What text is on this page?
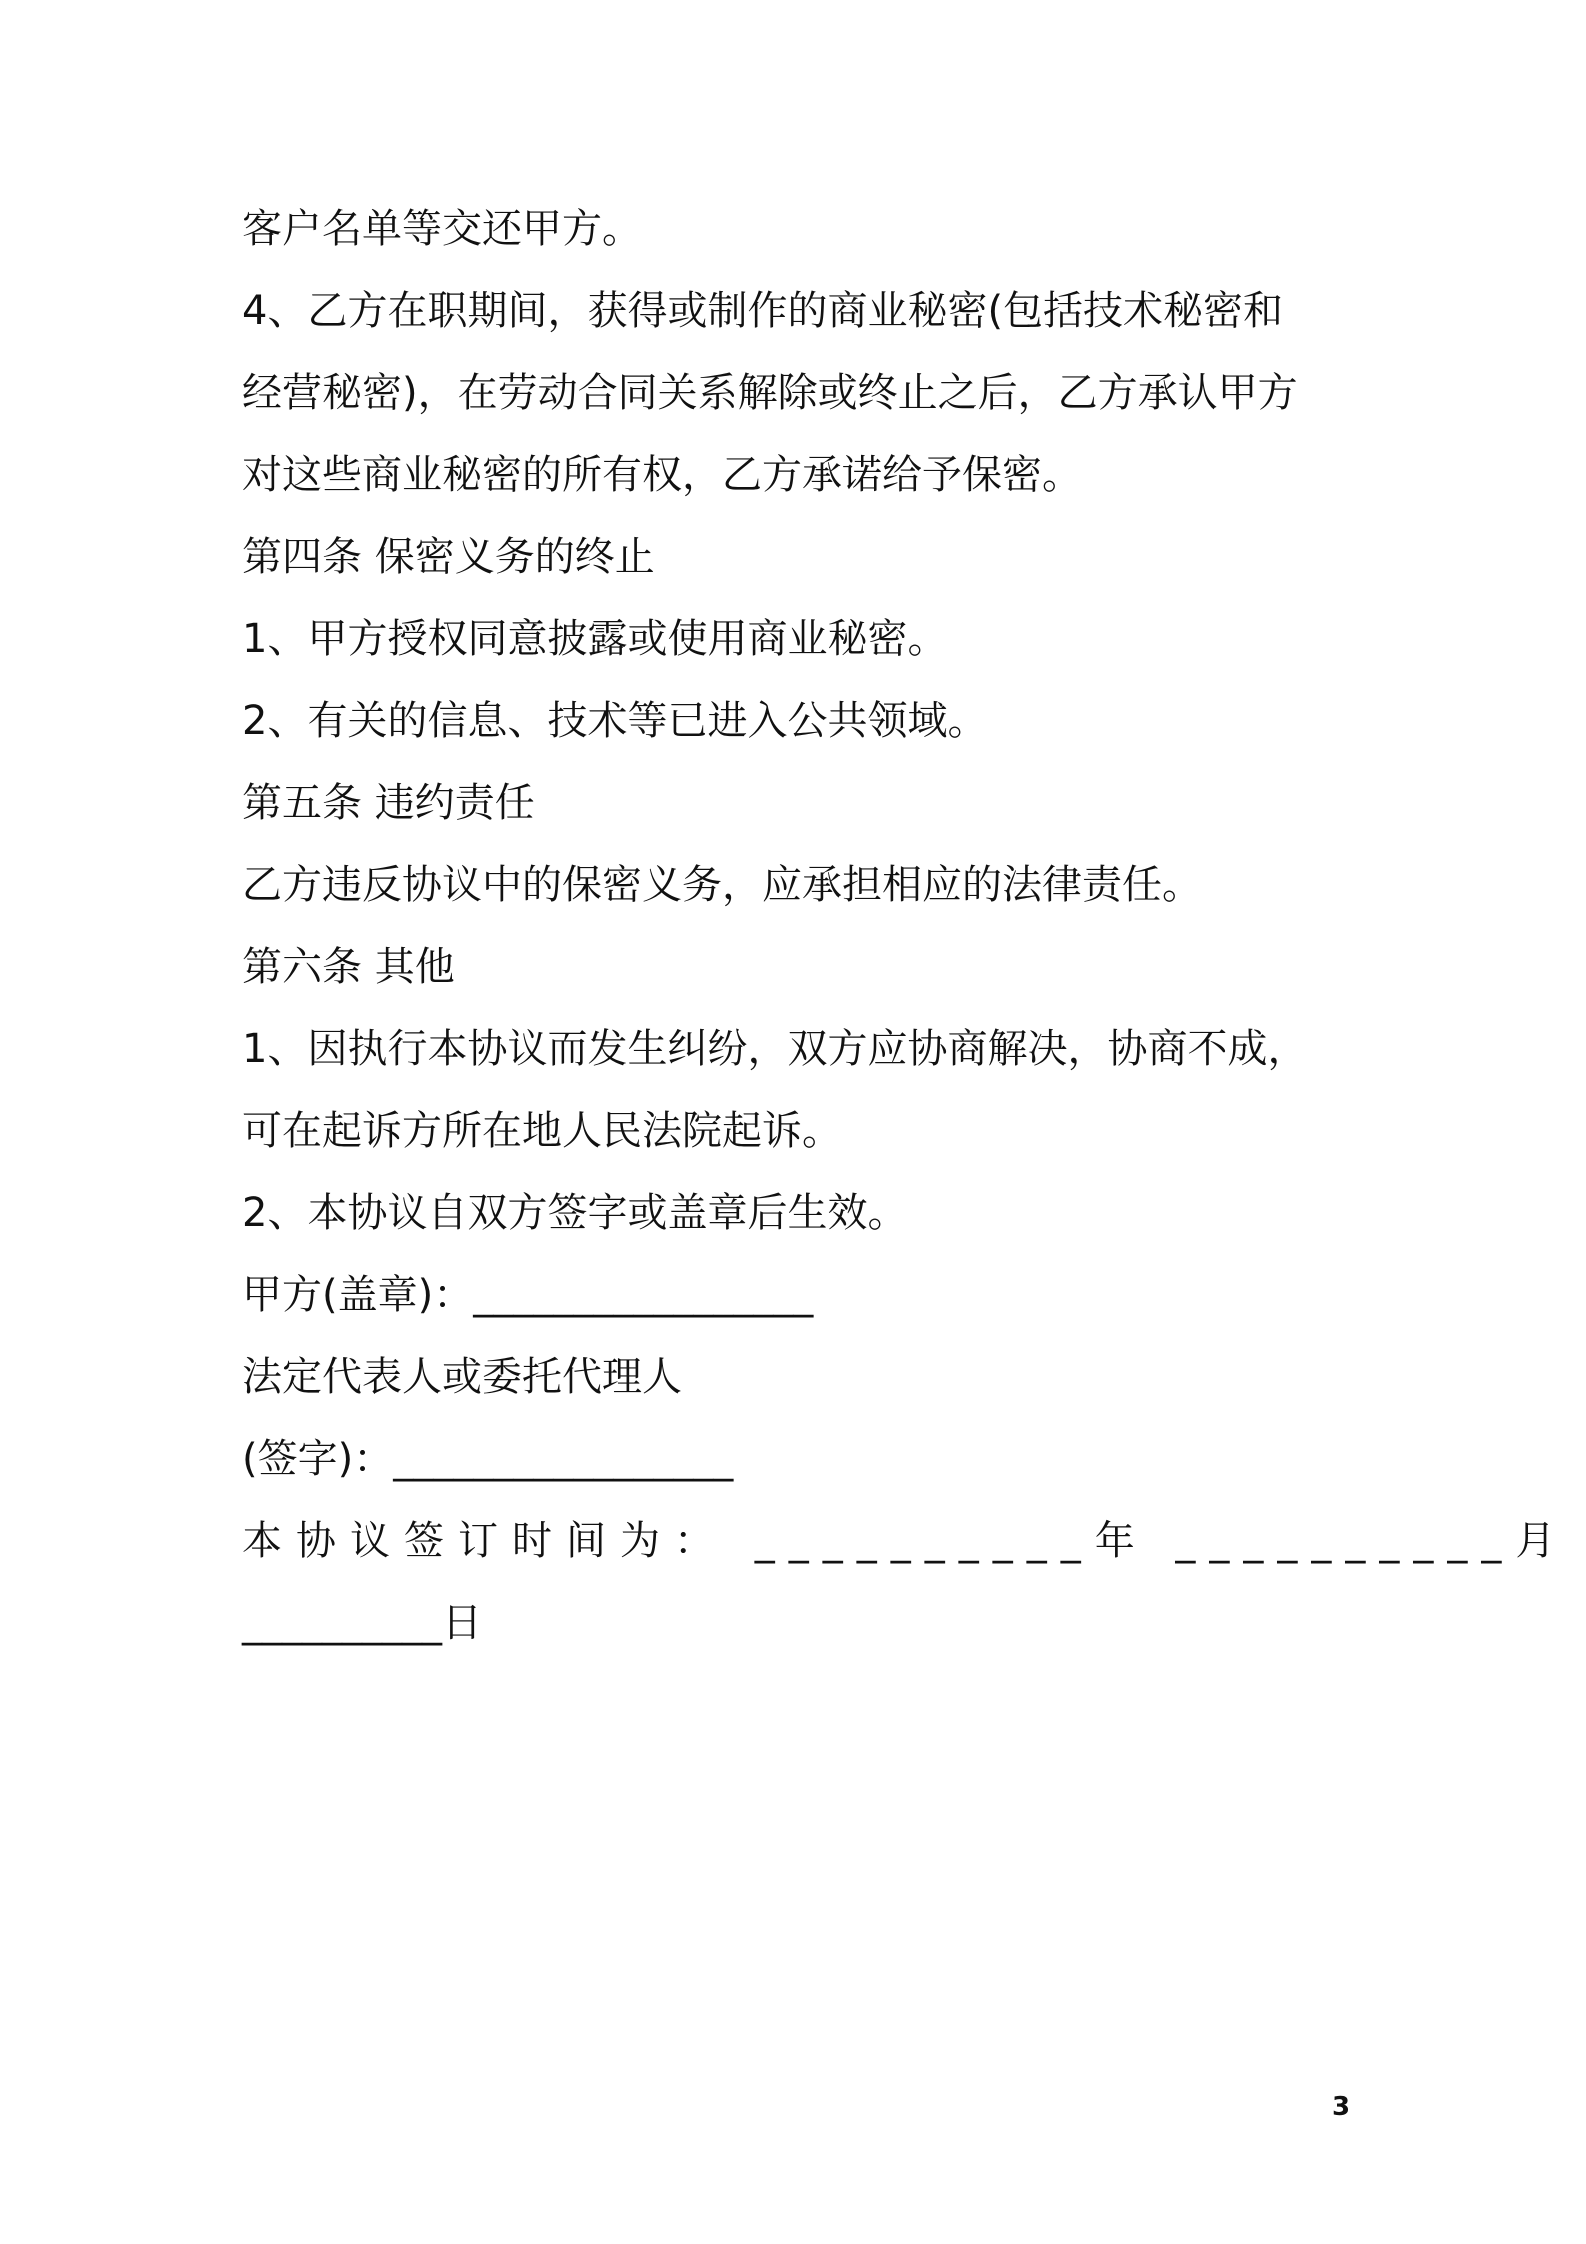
客户名单等交还甲方。

4、乙方在职期间，获得或制作的商业秘密(包括技术秘密和

经营秘密)，在劳动合同关系解除或终止之后，乙方承认甲方

对这些商业秘密的所有权，乙方承诺给予保密。

第四条 保密义务的终止

1、甲方授权同意披露或使用商业秘密。

2、有关的信息、技术等已进入公共领域。

第五条 违约责任

乙方违反协议中的保密义务，应承担相应的法律责任。

第六条 其他

1、因执行本协议而发生纠纷，双方应协商解决，协商不成，

可在起诉方所在地人民法院起诉。

2、本协议自双方签字或盖章后生效。

甲方(盖章)：_________________

法定代表人或委托代理人

(签字)：_________________

本协议签订时间为： __________年 __________月

__________日

3
